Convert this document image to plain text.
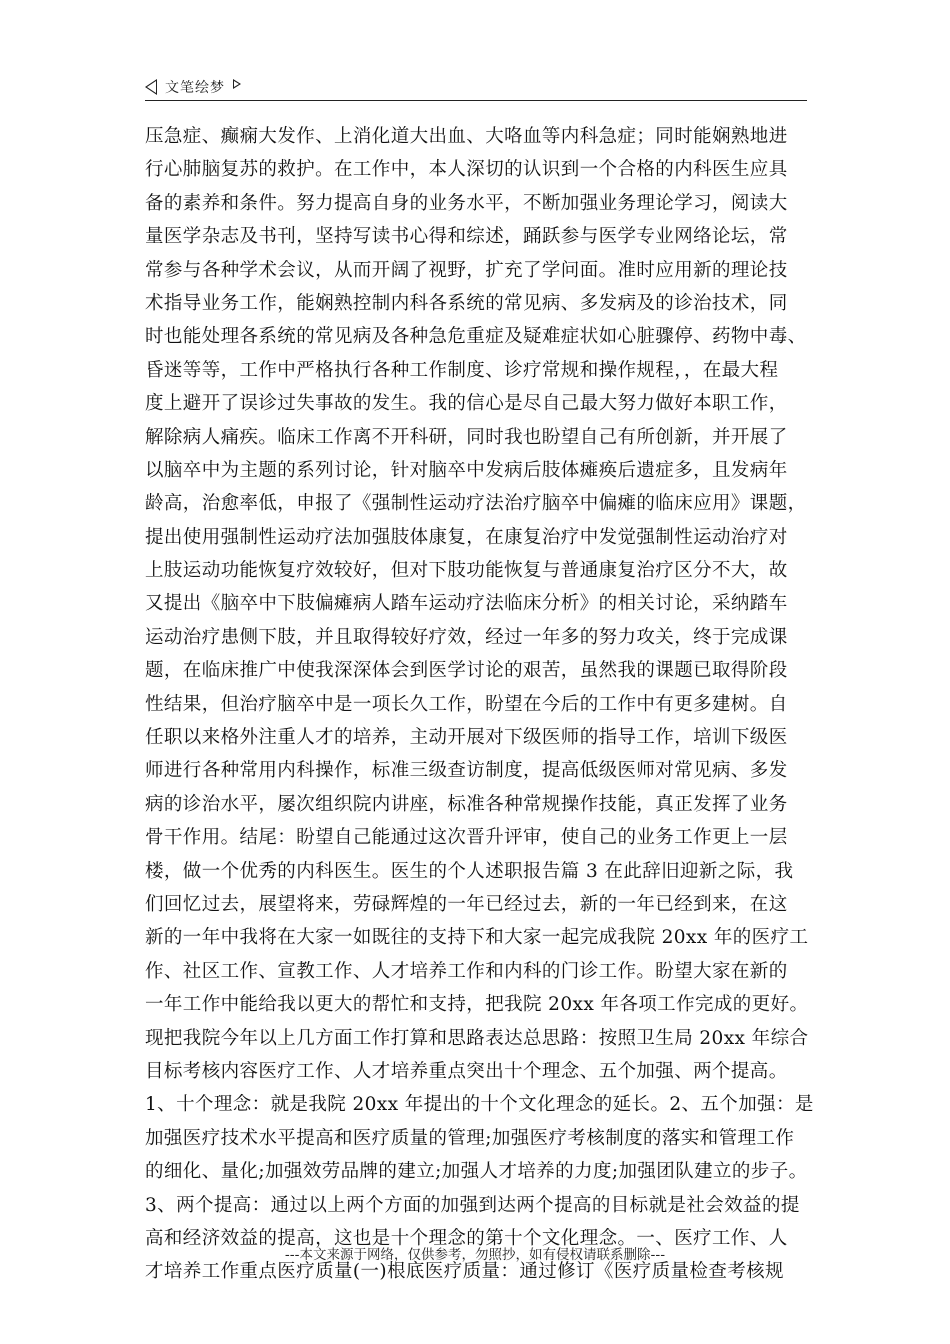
文笔绘梦
压急症、癫痫大发作、上消化道大出血、大咯血等内科急症；同时能娴熟地进
行心肺脑复苏的救护。在工作中，本人深切的认识到一个合格的内科医生应具
备的素养和条件。努力提高自身的业务水平，不断加强业务理论学习，阅读大
量医学杂志及书刊，坚持写读书心得和综述，踊跃参与医学专业网络论坛，常
常参与各种学术会议，从而开阔了视野，扩充了学问面。准时应用新的理论技
术指导业务工作，能娴熟控制内科各系统的常见病、多发病及的诊治技术，同
时也能处理各系统的常见病及各种急危重症及疑难症状如心脏骤停、药物中毒、
昏迷等等，工作中严格执行各种工作制度、诊疗常规和操作规程，，在最大程
度上避开了误诊过失事故的发生。我的信心是尽自己最大努力做好本职工作，
解除病人痛疾。临床工作离不开科研，同时我也盼望自己有所创新，并开展了
以脑卒中为主题的系列讨论，针对脑卒中发病后肢体瘫痪后遗症多，且发病年
龄高，治愈率低，申报了《强制性运动疗法治疗脑卒中偏瘫的临床应用》课题，
提出使用强制性运动疗法加强肢体康复，在康复治疗中发觉强制性运动治疗对
上肢运动功能恢复疗效较好，但对下肢功能恢复与普通康复治疗区分不大，故
又提出《脑卒中下肢偏瘫病人踏车运动疗法临床分析》的相关讨论，采纳踏车
运动治疗患侧下肢，并且取得较好疗效，经过一年多的努力攻关，终于完成课
题，在临床推广中使我深深体会到医学讨论的艰苦，虽然我的课题已取得阶段
性结果，但治疗脑卒中是一项长久工作，盼望在今后的工作中有更多建树。自
任职以来格外注重人才的培养，主动开展对下级医师的指导工作，培训下级医
师进行各种常用内科操作，标准三级查访制度，提高低级医师对常见病、多发
病的诊治水平，屡次组织院内讲座，标准各种常规操作技能，真正发挥了业务
骨干作用。结尾：盼望自己能通过这次晋升评审，使自己的业务工作更上一层
楼，做一个优秀的内科医生。医生的个人述职报告篇 3 在此辞旧迎新之际，我
们回忆过去，展望将来，劳碌辉煌的一年已经过去，新的一年已经到来，在这
新的一年中我将在大家一如既往的支持下和大家一起完成我院 20xx 年的医疗工
作、社区工作、宣教工作、人才培养工作和内科的门诊工作。盼望大家在新的
一年工作中能给我以更大的帮忙和支持，把我院 20xx 年各项工作完成的更好。
现把我院今年以上几方面工作打算和思路表达总思路：按照卫生局 20xx 年综合
目标考核内容医疗工作、人才培养重点突出十个理念、五个加强、两个提高。
1、十个理念：就是我院 20xx 年提出的十个文化理念的延长。2、五个加强：是
加强医疗技术水平提高和医疗质量的管理;加强医疗考核制度的落实和管理工作
的细化、量化;加强效劳品牌的建立;加强人才培养的力度;加强团队建立的步子。
3、两个提高：通过以上两个方面的加强到达两个提高的目标就是社会效益的提
高和经济效益的提高，这也是十个理念的第十个文化理念。一、医疗工作、人
才培养工作重点医疗质量(一)根底医疗质量：通过修订《医疗质量检查考核规
---本文来源于网络，仅供参考，勿照抄，如有侵权请联系删除---
